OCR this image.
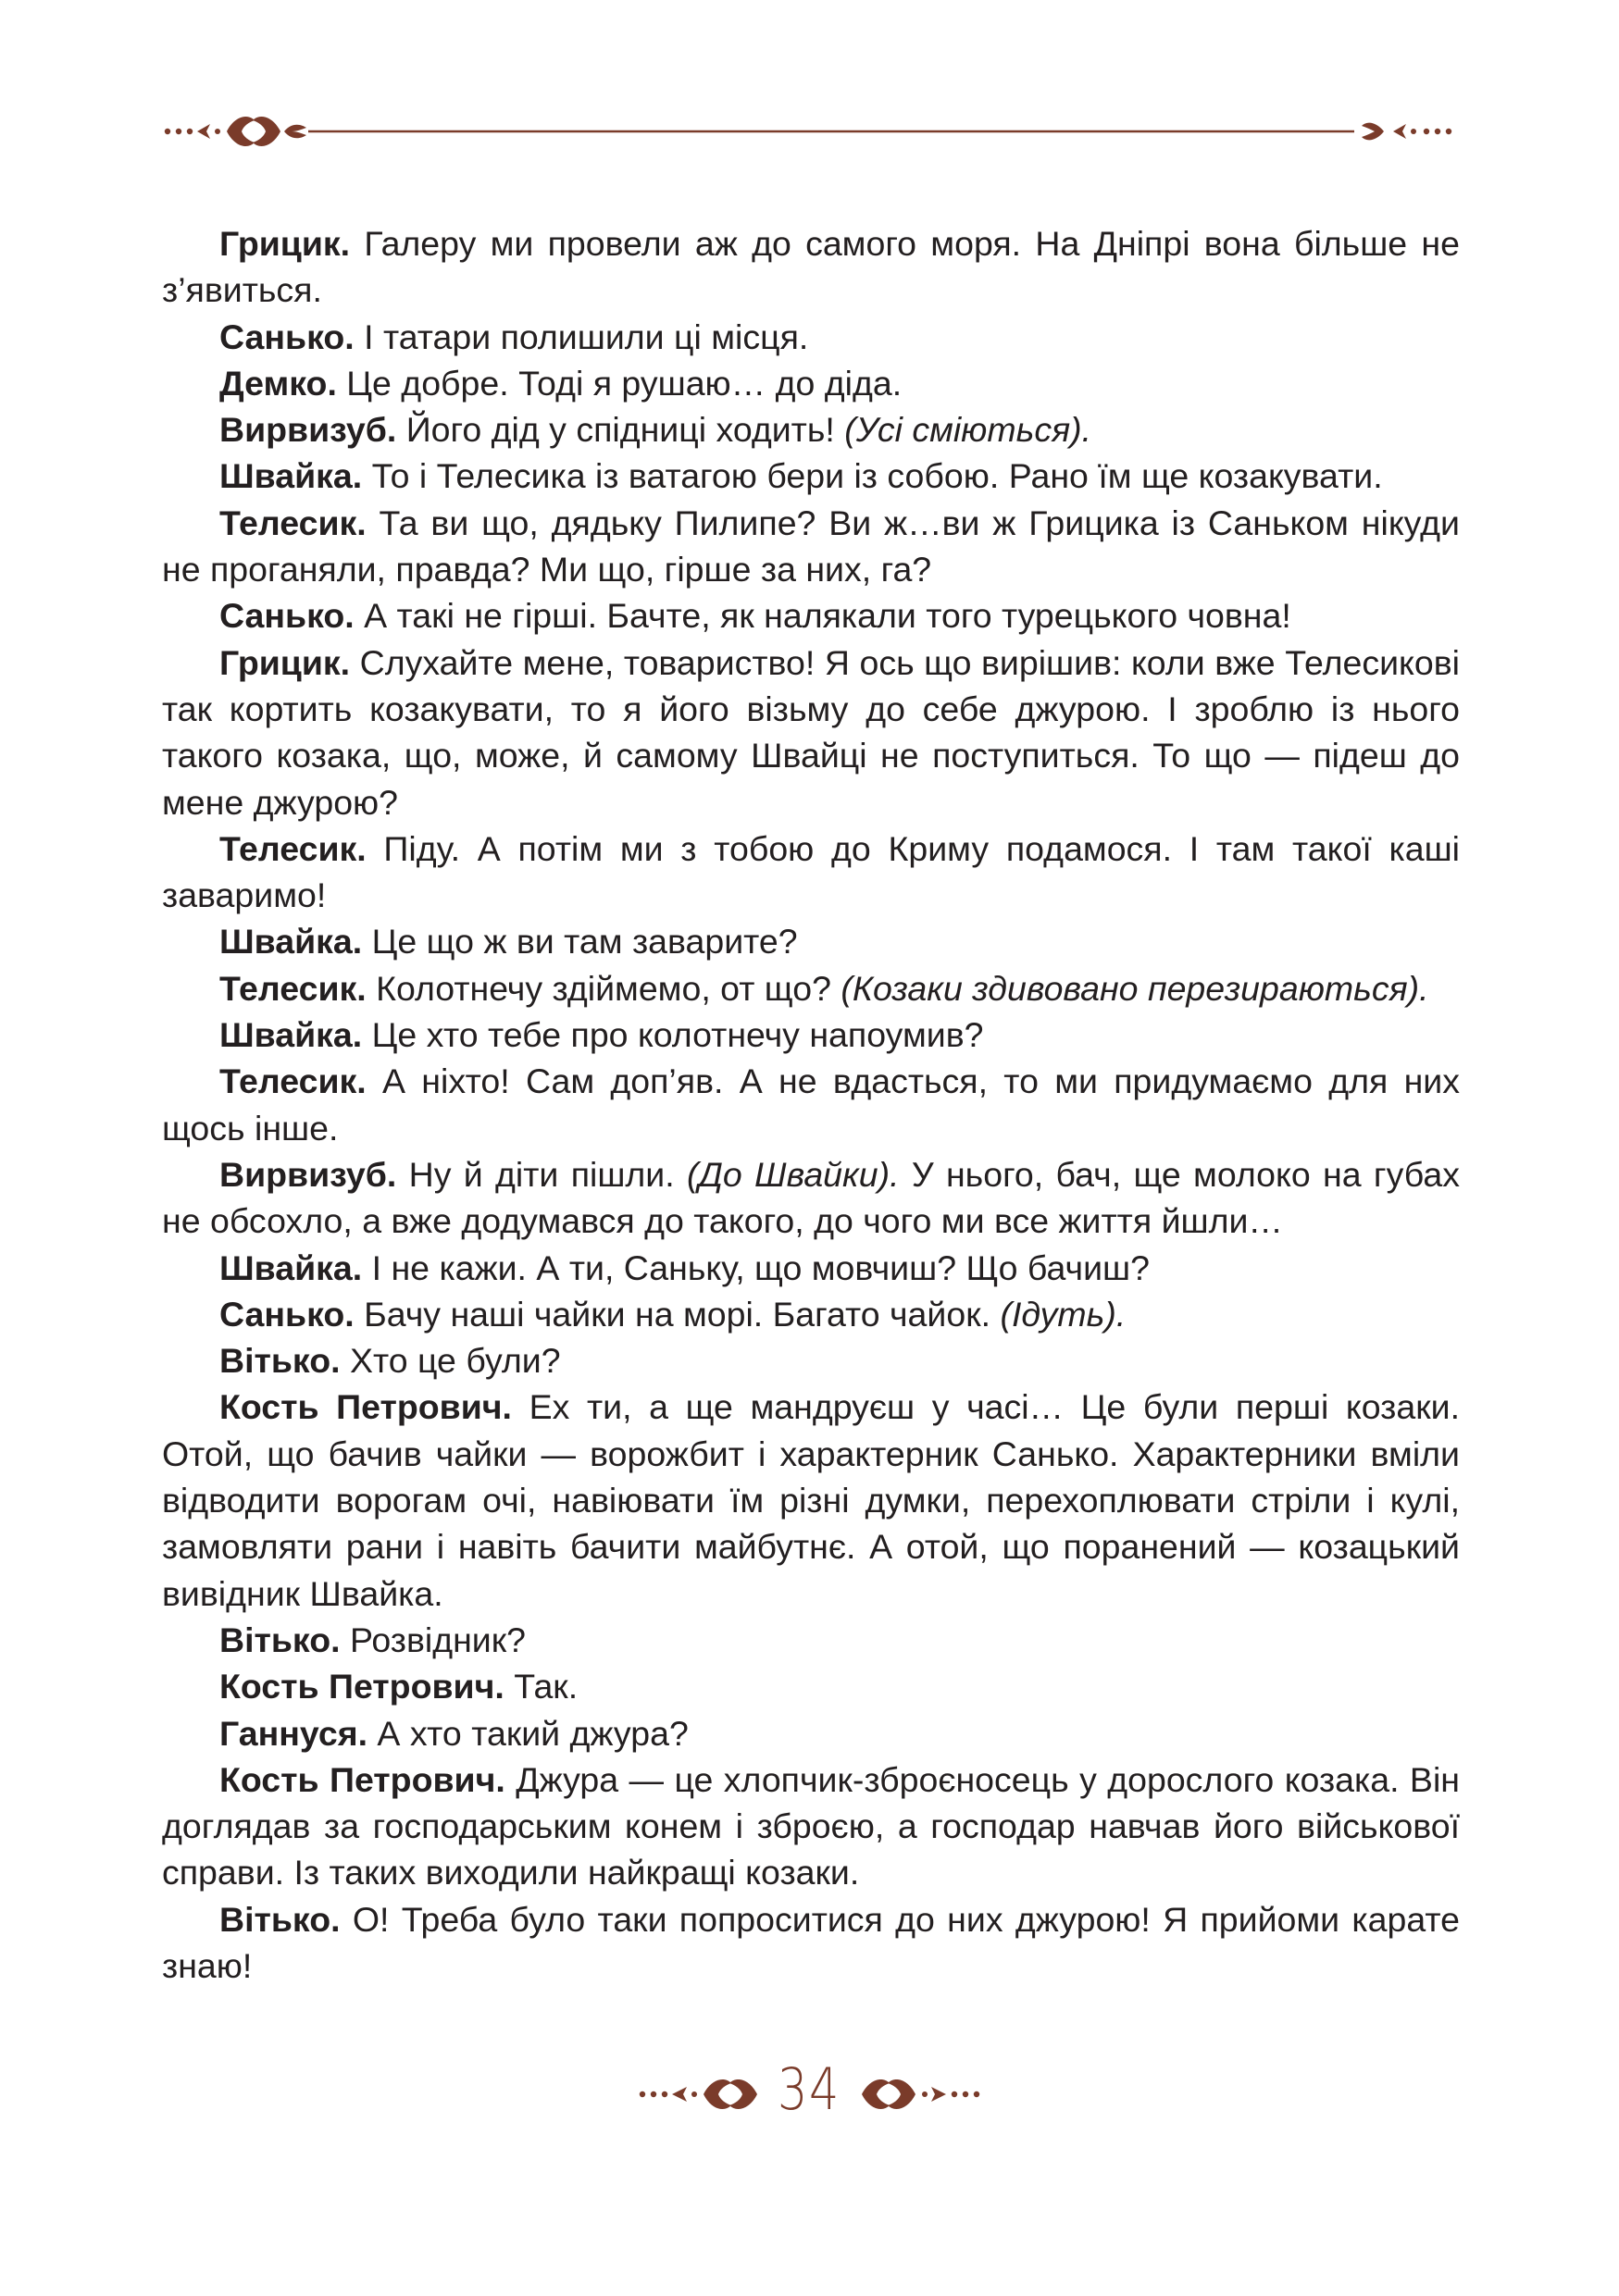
Грицик. Галеру ми провели аж до самого моря. На Дніпрі вона більше не з’явиться.

Санько. І татари полишили ці місця.

Демко. Це добре. Тоді я рушаю… до діда.

Вирвизуб. Його дід у спідниці ходить! (Усі сміються).

Швайка. То і Телесика із ватагою бери із собою. Рано їм ще козакувати.

Телесик. Та ви що, дядьку Пилипе? Ви ж…ви ж Грицика із Саньком нікуди не проганяли, правда? Ми що, гірше за них, га?

Санько. А такі не гірші. Бачте, як налякали того турецького човна!

Грицик. Слухайте мене, товариство! Я ось що вирішив: коли вже Телесикові так кортить козакувати, то я його візьму до себе джурою. І зроблю із нього такого козака, що, може, й самому Швайці не поступиться. То що — підеш до мене джурою?

Телесик. Піду. А потім ми з тобою до Криму подамося. І там такої каші заваримо!

Швайка. Це що ж ви там заварите?

Телесик. Колотнечу здіймемо, от що? (Козаки здивовано перезираються).

Швайка. Це хто тебе про колотнечу напоумив?

Телесик. А ніхто! Сам доп’яв. А не вдасться, то ми придумаємо для них щось інше.

Вирвизуб. Ну й діти пішли. (До Швайки). У нього, бач, ще молоко на губах не обсохло, а вже додумався до такого, до чого ми все життя йшли…

Швайка. І не кажи. А ти, Саньку, що мовчиш? Що бачиш?

Санько. Бачу наші чайки на морі. Багато чайок. (Ідуть).

Вітько. Хто це були?

Кость Петрович. Ех ти, а ще мандруєш у часі… Це були перші козаки. Отой, що бачив чайки — ворожбит і характерник Санько. Характерники вміли відводити ворогам очі, навіювати їм різні думки, перехоплювати стріли і кулі, замовляти рани і навіть бачити майбутнє. А отой, що поранений — козацький вивідник Швайка.

Вітько. Розвідник?

Кость Петрович. Так.

Ганнуся. А хто такий джура?

Кость Петрович. Джура — це хлопчик-зброєносець у дорослого козака. Він доглядав за господарським конем і зброєю, а господар навчав його військової справи. Із таких виходили найкращі козаки.

Вітько. О! Треба було таки попроситися до них джурою! Я прийоми карате знаю!

34
